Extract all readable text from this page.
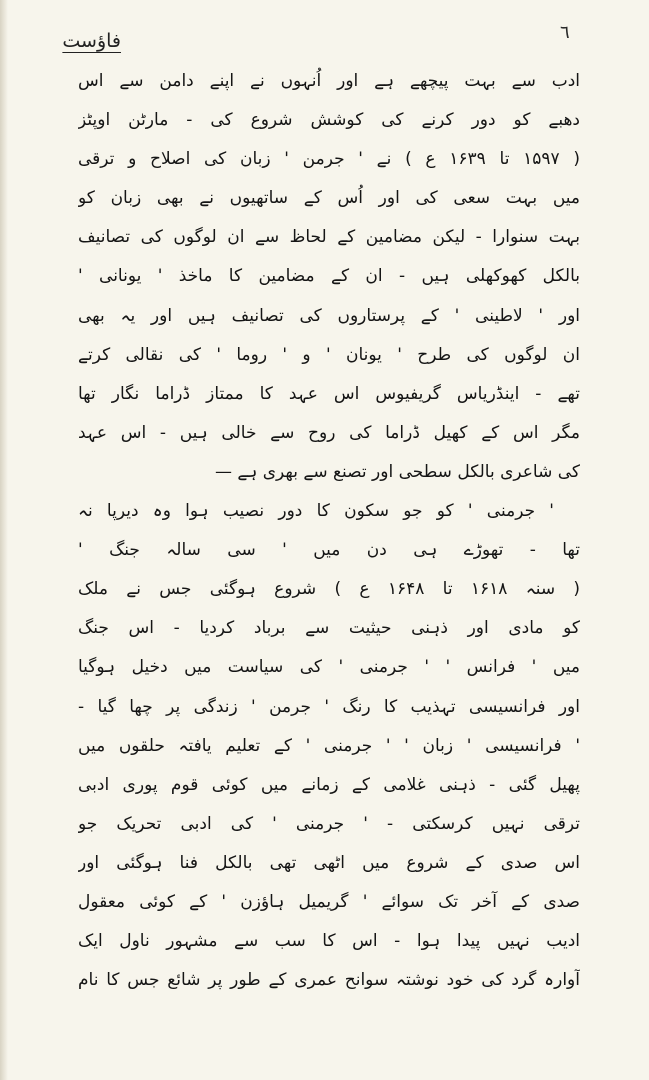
٦
فاؤست
ادب سے بہت پیچھے ہے اور اُنہوں نے اپنے دامن سے اس
دھبے کو دور کرنے کی کوشش شروع کی - مارٹن اوپٹز
( ۱۵۹۷ تا ۱۶۳۹ ع ) نے ' جرمن ' زبان کی اصلاح و ترقی
میں بہت سعی کی اور اُس کے ساتھیوں نے بھی زبان کو
بہت سنوارا - لیکن مضامین کے لحاظ سے ان لوگوں کی تصانیف
بالکل کھوکھلی ہیں - ان کے مضامین کا ماخذ ' یونانی '
اور ' لاطینی ' کے پرستاروں کی تصانیف ہیں اور یہ بھی
ان لوگوں کی طرح ' یونان ' و ' روما ' کی نقالی کرتے
تھے - اینڈریاس گریفیوس اس عہد کا ممتاز ڈراما نگار تھا
مگر اس کے کھیل ڈراما کی روح سے خالی ہیں - اس عہد
کی شاعری بالکل سطحی اور تصنع سے بھری ہے —
' جرمنی ' کو جو سکون کا دور نصیب ہوا وہ دیرپا نہ
تھا - تھوڑے ہی دن میں ' سی سالہ جنگ '
( سنہ ۱۶۱۸ تا ۱۶۴۸ ع ) شروع ہوگئی جس نے ملک
کو مادی اور ذہنی حیثیت سے برباد کردیا - اس جنگ
میں ' فرانس ' ' جرمنی ' کی سیاست میں دخیل ہوگیا
اور فرانسیسی تہذیب کا رنگ ' جرمن ' زندگی پر چھا گیا -
' فرانسیسی ' زبان ' ' جرمنی ' کے تعلیم یافتہ حلقوں میں
پھیل گئی - ذہنی غلامی کے زمانے میں کوئی قوم پوری ادبی
ترقی نہیں کرسکتی - ' جرمنی ' کی ادبی تحریک جو
اس صدی کے شروع میں اٹھی تھی بالکل فنا ہوگئی اور
صدی کے آخر تک سوائے ' گریمیل ہاؤزن ' کے کوئی معقول
ادیب نہیں پیدا ہوا - اس کا سب سے مشہور ناول ایک
آوارہ گرد کی خود نوشتہ سوانح عمری کے طور پر شائع جس کا نام
